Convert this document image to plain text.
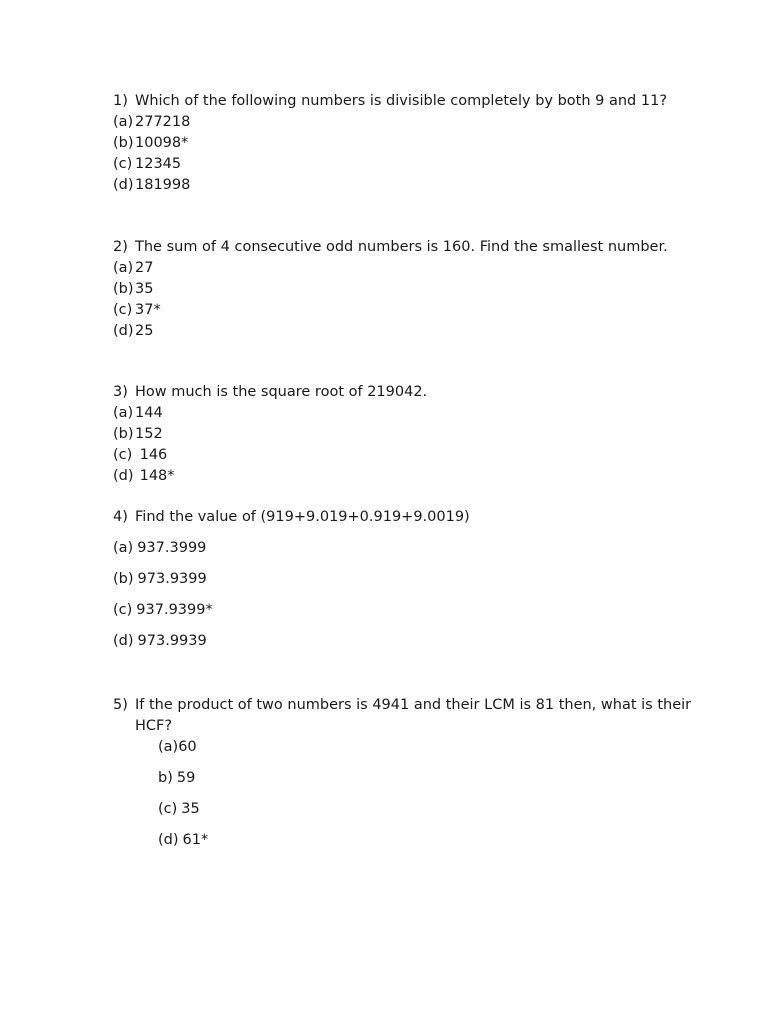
1) Which of the following numbers is divisible completely by both 9 and 11?
(a) 277218
(b) 10098*
(c) 12345
(d) 181998
2) The sum of 4 consecutive odd numbers is 160. Find the smallest number.
(a) 27
(b) 35
(c) 37*
(d) 25
3) How much is the square root of 219042.
(a) 144
(b) 152
(c) 146
(d) 148*
4) Find the value of (919+9.019+0.919+9.0019)
(a) 937.3999
(b) 973.9399
(c) 937.9399*
(d) 973.9939
5) If the product of two numbers is 4941 and their LCM is 81 then, what is their HCF?
(a)60
b) 59
(c) 35
(d) 61*
